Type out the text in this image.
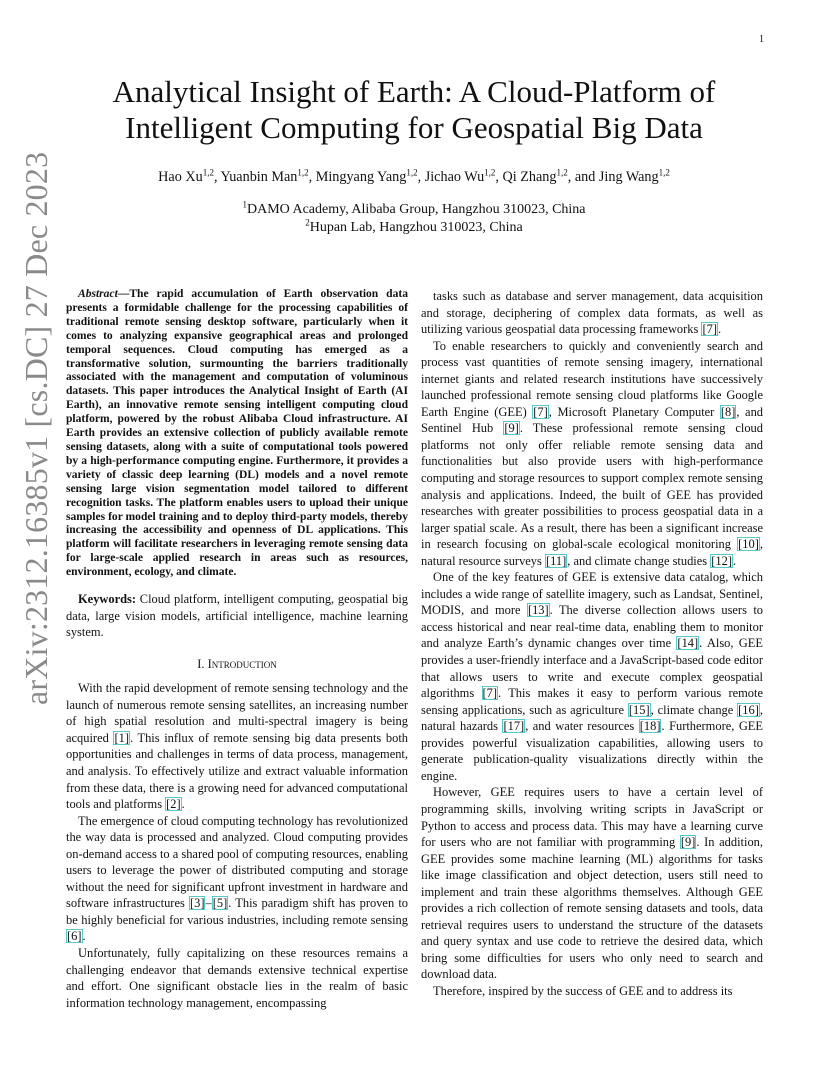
1
arXiv:2312.16385v1 [cs.DC] 27 Dec 2023
Analytical Insight of Earth: A Cloud-Platform of
Intelligent Computing for Geospatial Big Data
Hao Xu$^{1,2}$, Yuanbin Man$^{1,2}$, Mingyang Yang$^{1,2}$, Jichao Wu$^{1,2}$, Qi Zhang$^{1,2}$, and Jing Wang$^{1,2}$
$^1$DAMO Academy, Alibaba Group, Hangzhou 310023, China
$^2$Hupan Lab, Hangzhou 310023, China

Abstract—The rapid accumulation of Earth observation data presents a formidable challenge for the processing capabilities of traditional remote sensing desktop software, particularly when it comes to analyzing expansive geographical areas and prolonged temporal sequences. Cloud computing has emerged as a transformative solution, surmounting the barriers traditionally associated with the management and computation of voluminous datasets. This paper introduces the Analytical Insight of Earth (AI Earth), an innovative remote sensing intelligent computing cloud platform, powered by the robust Alibaba Cloud infrastructure. AI Earth provides an extensive collection of publicly available remote sensing datasets, along with a suite of computational tools powered by a high-performance computing engine. Furthermore, it provides a variety of classic deep learning (DL) models and a novel remote sensing large vision segmentation model tailored to different recognition tasks. The platform enables users to upload their unique samples for model training and to deploy third-party models, thereby increasing the accessibility and openness of DL applications. This platform will facilitate researchers in leveraging remote sensing data for large-scale applied research in areas such as resources, environment, ecology, and climate.

Keywords: Cloud platform, intelligent computing, geospatial big data, large vision models, artificial intelligence, machine learning system.

I. Introduction

With the rapid development of remote sensing technology and the launch of numerous remote sensing satellites, an increasing number of high spatial resolution and multi-spectral imagery is being acquired [1]. This influx of remote sensing big data presents both opportunities and challenges in terms of data process, management, and analysis. To effectively utilize and extract valuable information from these data, there is a growing need for advanced computational tools and platforms [2].

The emergence of cloud computing technology has revolutionized the way data is processed and analyzed. Cloud computing provides on-demand access to a shared pool of computing resources, enabling users to leverage the power of distributed computing and storage without the need for significant upfront investment in hardware and software infrastructures [3]–[5]. This paradigm shift has proven to be highly beneficial for various industries, including remote sensing [6].

Unfortunately, fully capitalizing on these resources remains a challenging endeavor that demands extensive technical expertise and effort. One significant obstacle lies in the realm of basic information technology management, encompassing

tasks such as database and server management, data acquisition and storage, deciphering of complex data formats, as well as utilizing various geospatial data processing frameworks [7].

To enable researchers to quickly and conveniently search and process vast quantities of remote sensing imagery, international internet giants and related research institutions have successively launched professional remote sensing cloud platforms like Google Earth Engine (GEE) [7], Microsoft Planetary Computer [8], and Sentinel Hub [9]. These professional remote sensing cloud platforms not only offer reliable remote sensing data and functionalities but also provide users with high-performance computing and storage resources to support complex remote sensing analysis and applications. Indeed, the built of GEE has provided researches with greater possibilities to process geospatial data in a larger spatial scale. As a result, there has been a significant increase in research focusing on global-scale ecological monitoring [10], natural resource surveys [11], and climate change studies [12].

One of the key features of GEE is extensive data catalog, which includes a wide range of satellite imagery, such as Landsat, Sentinel, MODIS, and more [13]. The diverse collection allows users to access historical and near real-time data, enabling them to monitor and analyze Earth’s dynamic changes over time [14]. Also, GEE provides a user-friendly interface and a JavaScript-based code editor that allows users to write and execute complex geospatial algorithms [7]. This makes it easy to perform various remote sensing applications, such as agriculture [15], climate change [16], natural hazards [17], and water resources [18]. Furthermore, GEE provides powerful visualization capabilities, allowing users to generate publication-quality visualizations directly within the engine.

However, GEE requires users to have a certain level of programming skills, involving writing scripts in JavaScript or Python to access and process data. This may have a learning curve for users who are not familiar with programming [9]. In addition, GEE provides some machine learning (ML) algorithms for tasks like image classification and object detection, users still need to implement and train these algorithms themselves. Although GEE provides a rich collection of remote sensing datasets and tools, data retrieval requires users to understand the structure of the datasets and query syntax and use code to retrieve the desired data, which bring some difficulties for users who only need to search and download data.

Therefore, inspired by the success of GEE and to address its
